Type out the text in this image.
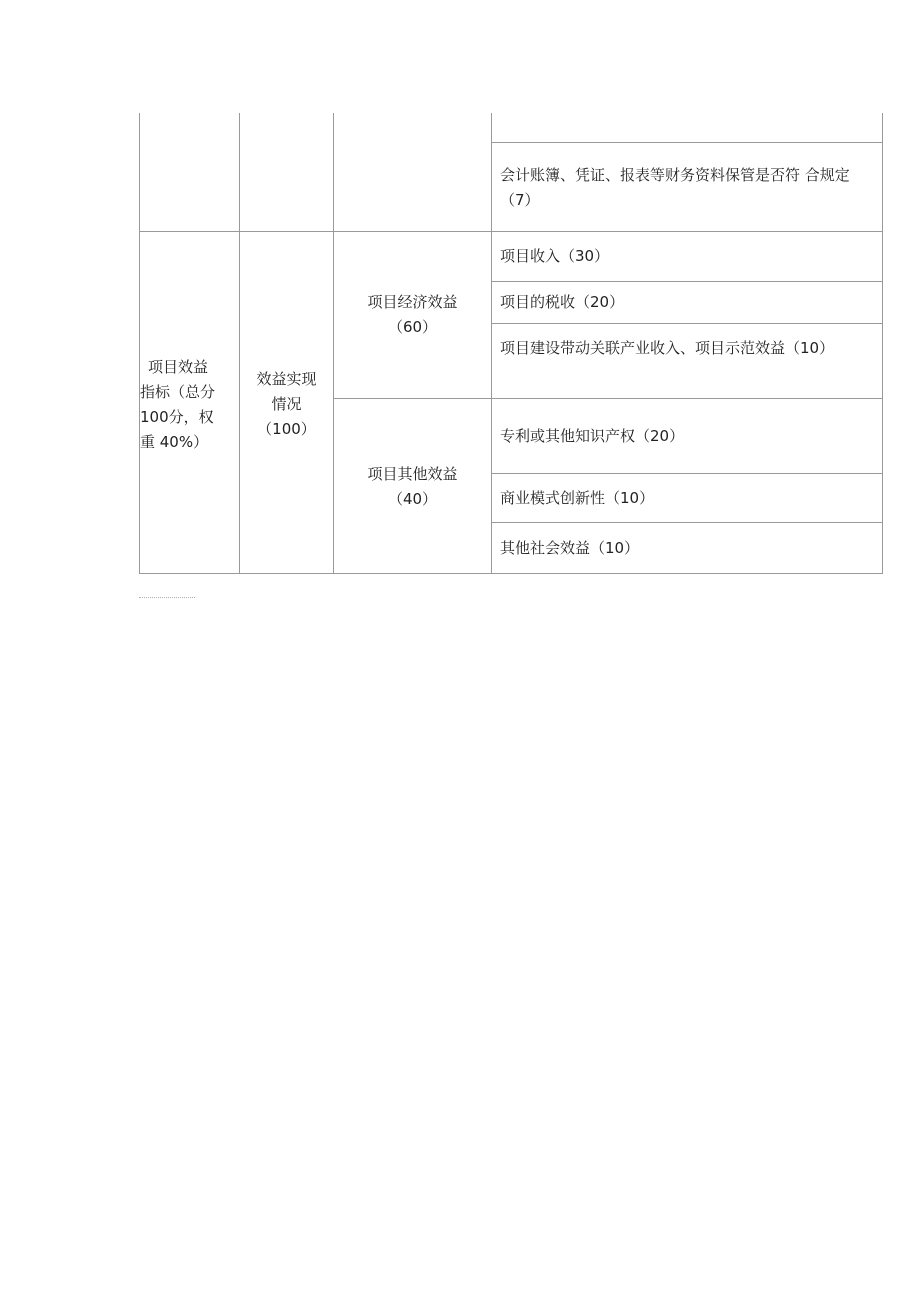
会计账簿、凭证、报表等财务资料保管是否符 合规定（7）
项目效益
指标（总分
100分，权
重 40%）
效益实现
情况
（100）
项目经济效益
（60）
项目其他效益
（40）
项目收入（30）
项目的税收（20）
项目建设带动关联产业收入、项目示范效益（10）
专利或其他知识产权（20）
商业模式创新性（10）
其他社会效益（10）
